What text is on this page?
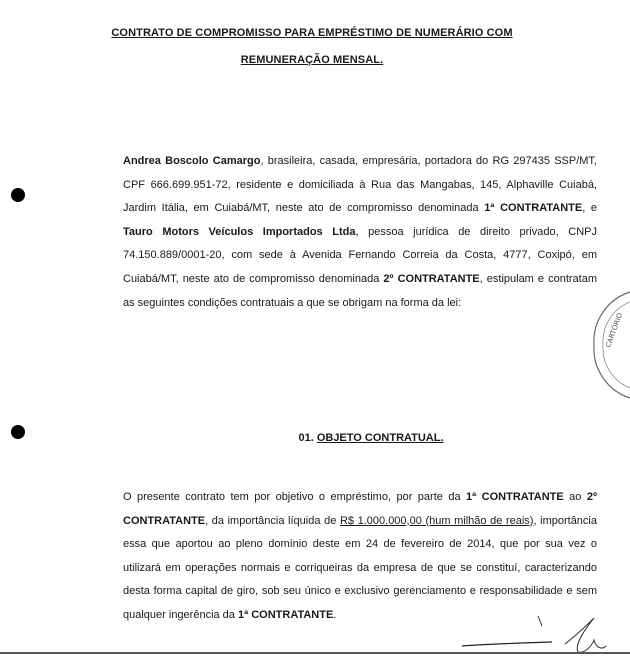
CONTRATO DE COMPROMISSO PARA EMPRÉSTIMO DE NUMERÁRIO COM
REMUNERAÇÃO MENSAL.
Andrea Boscolo Camargo, brasileira, casada, empresária, portadora do RG 297435 SSP/MT, CPF 666.699.951-72, residente e domiciliada à Rua das Mangabas, 145, Alphaville Cuiabá, Jardim Itália, em Cuiabá/MT, neste ato de compromisso denominada 1ª CONTRATANTE, e Tauro Motors Veículos Importados Ltda, pessoa jurídica de direito privado, CNPJ 74.150.889/0001-20, com sede à Avenida Fernando Correia da Costa, 4777, Coxipó, em Cuiabá/MT, neste ato de compromisso denominada 2º CONTRATANTE, estipulam e contratam as seguintes condições contratuais a que se obrigam na forma da lei:
01. OBJETO CONTRATUAL.
O presente contrato tem por objetivo o empréstimo, por parte da 1ª CONTRATANTE ao 2º CONTRATANTE, da importância líquida de R$ 1.000.000,00 (hum milhão de reais), importância essa que aportou ao pleno domínio deste em 24 de fevereiro de 2014, que por sua vez o utilizará em operações normais e corriqueiras da empresa de que se constituí, caracterizando desta forma capital de giro, sob seu único e exclusivo gerenciamento e responsabilidade e sem qualquer ingerência da 1ª CONTRATANTE.
CARTÓRIO
